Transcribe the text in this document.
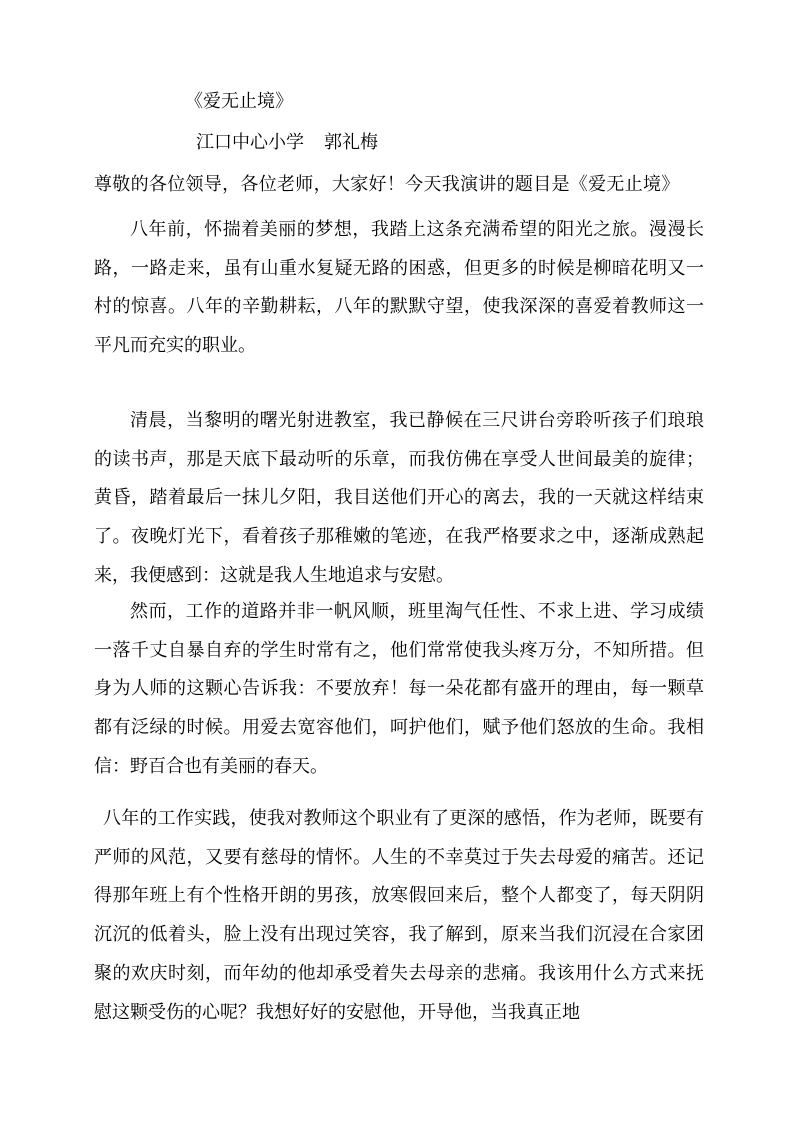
《爱无止境》
江口中心小学 郭礼梅
尊敬的各位领导，各位老师，大家好！今天我演讲的题目是《爱无止境》

八年前，怀揣着美丽的梦想，我踏上这条充满希望的阳光之旅。漫漫长路，一路走来，虽有山重水复疑无路的困惑，但更多的时候是柳暗花明又一村的惊喜。八年的辛勤耕耘，八年的默默守望，使我深深的喜爱着教师这一平凡而充实的职业。

清晨，当黎明的曙光射进教室，我已静候在三尺讲台旁聆听孩子们琅琅的读书声，那是天底下最动听的乐章，而我仿佛在享受人世间最美的旋律；黄昏，踏着最后一抹儿夕阳，我目送他们开心的离去，我的一天就这样结束了。夜晚灯光下，看着孩子那稚嫩的笔迹，在我严格要求之中，逐渐成熟起来，我便感到：这就是我人生地追求与安慰。

然而，工作的道路并非一帆风顺，班里淘气任性、不求上进、学习成绩一落千丈自暴自弃的学生时常有之，他们常常使我头疼万分，不知所措。但身为人师的这颗心告诉我：不要放弃！每一朵花都有盛开的理由，每一颗草都有泛绿的时候。用爱去宽容他们，呵护他们，赋予他们怒放的生命。我相信：野百合也有美丽的春天。

八年的工作实践，使我对教师这个职业有了更深的感悟，作为老师，既要有严师的风范，又要有慈母的情怀。人生的不幸莫过于失去母爱的痛苦。还记得那年班上有个性格开朗的男孩，放寒假回来后，整个人都变了，每天阴阴沉沉的低着头，脸上没有出现过笑容，我了解到，原来当我们沉浸在合家团聚的欢庆时刻，而年幼的他却承受着失去母亲的悲痛。我该用什么方式来抚慰这颗受伤的心呢？我想好好的安慰他，开导他，当我真正地
